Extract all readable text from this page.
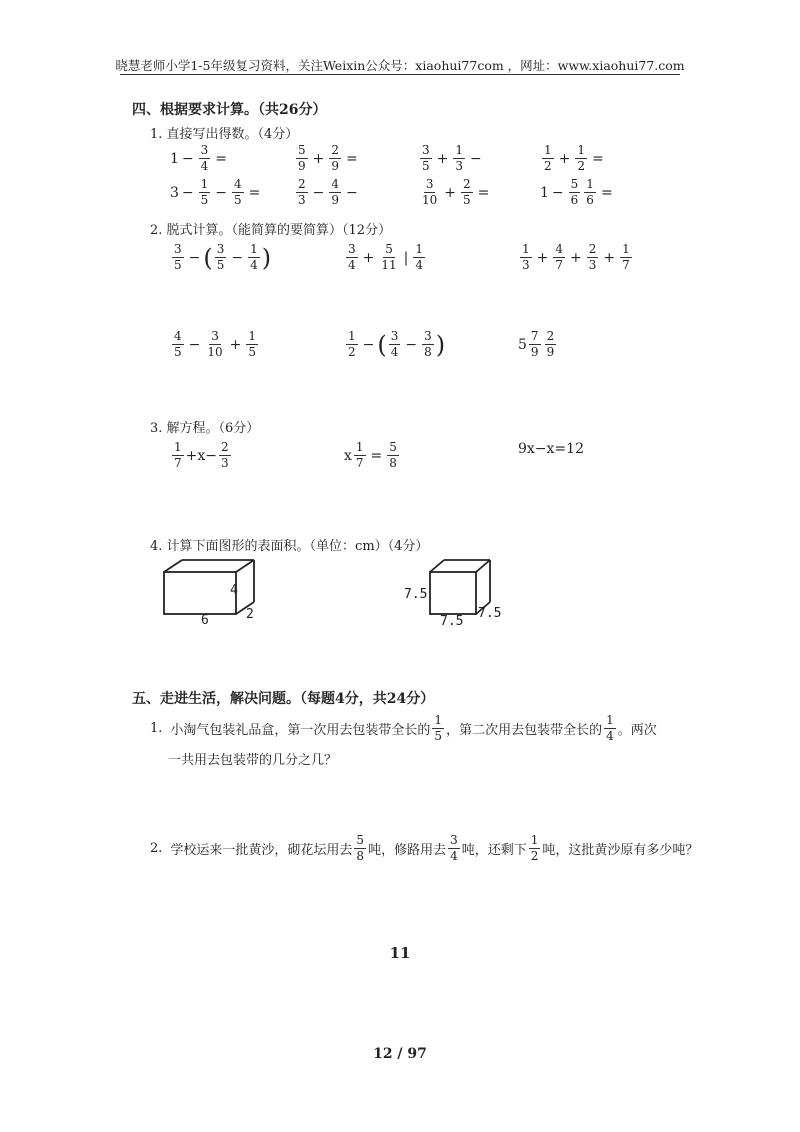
晓慧老师小学1-5年级复习资料，关注Weixin公众号：xiaohui77com ，网址：www.xiaohui77.com
四、根据要求计算。（共26分）
1. 直接写出得数。（4分）
2. 脱式计算。（能简算的要简算）（12分）
3. 解方程。（6分）
4. 计算下面图形的表面积。（单位：cm）（4分）
4
6	2
7.5
7.5
7.5
五、走进生活，解决问题。（每题4分，共24分）
1. 小淘气包装礼品盒，第一次用去包装带全长的 $\frac{1}{5}$ ，第二次用去包装带全长的 $\frac{1}{4}$ 。两次
一共用去包装带的几分之几？
2. 学校运来一批黄沙，砌花坛用去 $\frac{5}{8}$ 吨，修路用去 $\frac{3}{4}$ 吨，还剩下 $\frac{1}{2}$ 吨，这批黄沙原有多少吨？
11
12 / 97
$1 - \frac{3}{4}$ =	$\frac{5}{9} + \frac{2}{9}$ =	$\frac{3}{5} + \frac{1}{3}$ −	$\frac{1}{2} + \frac{1}{2}$ =
$3 - \frac{1}{5} - \frac{4}{5}$ =	$\frac{2}{3} - \frac{4}{9}$ −	$\frac{3}{10} + \frac{2}{5}$ =	$1 - \frac{5}{6} \frac{1}{6}$ =
$\frac{3}{5}$ − ( $\frac{3}{5} - \frac{1}{4}$ )	$\frac{3}{4} + \frac{5}{11}$ | $\frac{1}{4}$	$\frac{1}{3} + \frac{4}{7} + \frac{2}{3} + \frac{1}{7}$
$\frac{4}{5} - \frac{3}{10} + \frac{1}{5}$	$\frac{1}{2}$ − ( $\frac{3}{4} - \frac{3}{8}$ )	$5 \frac{7}{9} \frac{2}{9}$
$\frac{1}{7} +x- \frac{2}{3}$	x $\frac{1}{7} = \frac{5}{8}$	9x−x=12
